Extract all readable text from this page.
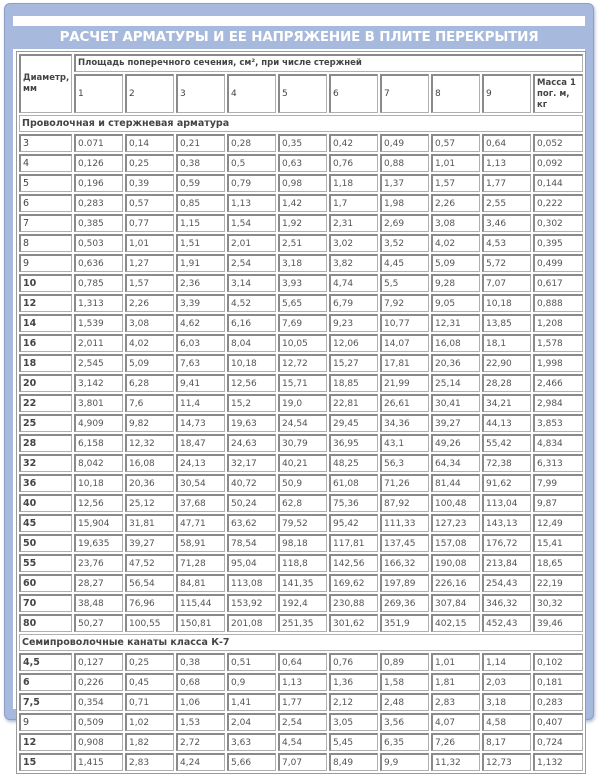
РАСЧЕТ АРМАТУРЫ И ЕЕ НАПРЯЖЕНИЕ В ПЛИТЕ ПЕРЕКРЫТИЯ
Диаметр, мм	Площадь поперечного сечения, см², при числе стержней									
	1	2	3	4	5	6	7	8	9	Масса 1 пог. м, кг
Проволочная и стержневая арматура										
3	0.071	0,14	0,21	0,28	0,35	0,42	0,49	0,57	0,64	0,052
4	0,126	0,25	0,38	0,5	0,63	0,76	0,88	1,01	1,13	0,092
5	0,196	0,39	0,59	0,79	0,98	1,18	1,37	1,57	1,77	0,144
6	0,283	0,57	0,85	1,13	1,42	1,7	1,98	2,26	2,55	0,222
7	0,385	0,77	1,15	1,54	1,92	2,31	2,69	3,08	3,46	0,302
8	0,503	1,01	1,51	2,01	2,51	3,02	3,52	4,02	4,53	0,395
9	0,636	1,27	1,91	2,54	3,18	3,82	4,45	5,09	5,72	0,499
10	0,785	1,57	2,36	3,14	3,93	4,74	5,5	9,28	7,07	0,617
12	1,313	2,26	3,39	4,52	5,65	6,79	7,92	9,05	10,18	0,888
14	1,539	3,08	4,62	6,16	7,69	9,23	10,77	12,31	13,85	1,208
16	2,011	4,02	6,03	8,04	10,05	12,06	14,07	16,08	18,1	1,578
18	2,545	5,09	7,63	10,18	12,72	15,27	17,81	20,36	22,90	1,998
20	3,142	6,28	9,41	12,56	15,71	18,85	21,99	25,14	28,28	2,466
22	3,801	7,6	11,4	15,2	19,0	22,81	26,61	30,41	34,21	2,984
25	4,909	9,82	14,73	19,63	24,54	29,45	34,36	39,27	44,13	3,853
28	6,158	12,32	18,47	24,63	30,79	36,95	43,1	49,26	55,42	4,834
32	8,042	16,08	24,13	32,17	40,21	48,25	56,3	64,34	72,38	6,313
36	10,18	20,36	30,54	40,72	50,9	61,08	71,26	81,44	91,62	7,99
40	12,56	25,12	37,68	50,24	62,8	75,36	87,92	100,48	113,04	9,87
45	15,904	31,81	47,71	63,62	79,52	95,42	111,33	127,23	143,13	12,49
50	19,635	39,27	58,91	78,54	98,18	117,81	137,45	157,08	176,72	15,41
55	23,76	47,52	71,28	95,04	118,8	142,56	166,32	190,08	213,84	18,65
60	28,27	56,54	84,81	113,08	141,35	169,62	197,89	226,16	254,43	22,19
70	38,48	76,96	115,44	153,92	192,4	230,88	269,36	307,84	346,32	30,32
80	50,27	100,55	150,81	201,08	251,35	301,62	351,9	402,15	452,43	39,46
Семипроволочные канаты класса К-7										
4,5	0,127	0,25	0,38	0,51	0,64	0,76	0,89	1,01	1,14	0,102
6	0,226	0,45	0,68	0,9	1,13	1,36	1,58	1,81	2,03	0,181
7,5	0,354	0,71	1,06	1,41	1,77	2,12	2,48	2,83	3,18	0,283
9	0,509	1,02	1,53	2,04	2,54	3,05	3,56	4,07	4,58	0,407
12	0,908	1,82	2,72	3,63	4,54	5,45	6,35	7,26	8,17	0,724
15	1,415	2,83	4,24	5,66	7,07	8,49	9,9	11,32	12,73	1,132
